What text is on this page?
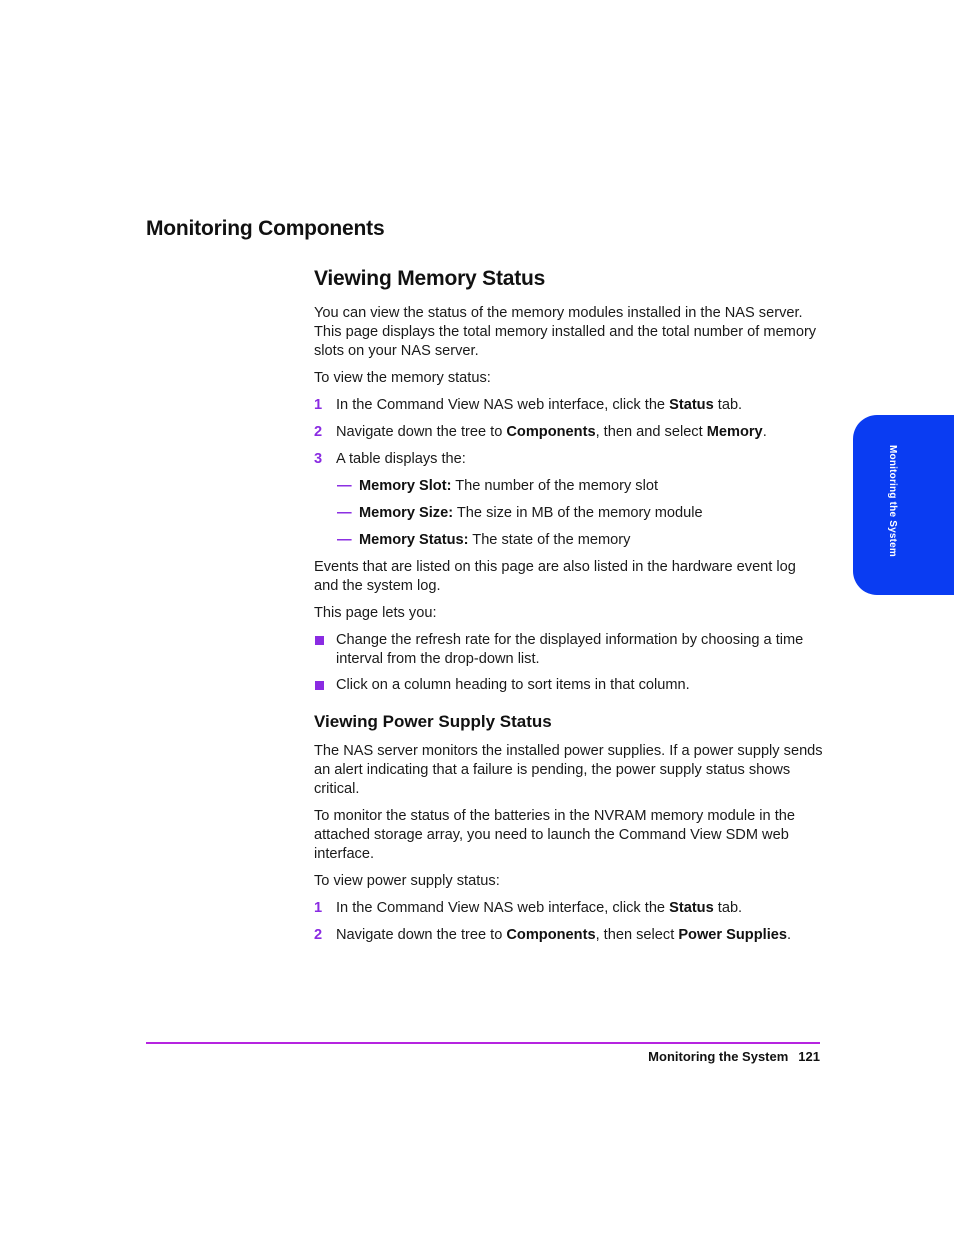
Monitoring Components
Viewing Memory Status

You can view the status of the memory modules installed in the NAS server. This page displays the total memory installed and the total number of memory slots on your NAS server.

To view the memory status:

1 In the Command View NAS web interface, click the Status tab.
2 Navigate down the tree to Components, then and select Memory.
3 A table displays the:
— Memory Slot: The number of the memory slot
— Memory Size: The size in MB of the memory module
— Memory Status: The state of the memory

Events that are listed on this page are also listed in the hardware event log and the system log.

This page lets you:

Change the refresh rate for the displayed information by choosing a time interval from the drop-down list.
Click on a column heading to sort items in that column.
Viewing Power Supply Status

The NAS server monitors the installed power supplies. If a power supply sends an alert indicating that a failure is pending, the power supply status shows critical.

To monitor the status of the batteries in the NVRAM memory module in the attached storage array, you need to launch the Command View SDM web interface.

To view power supply status:

1 In the Command View NAS web interface, click the Status tab.
2 Navigate down the tree to Components, then select Power Supplies.
Monitoring the System 121
Monitoring the System
